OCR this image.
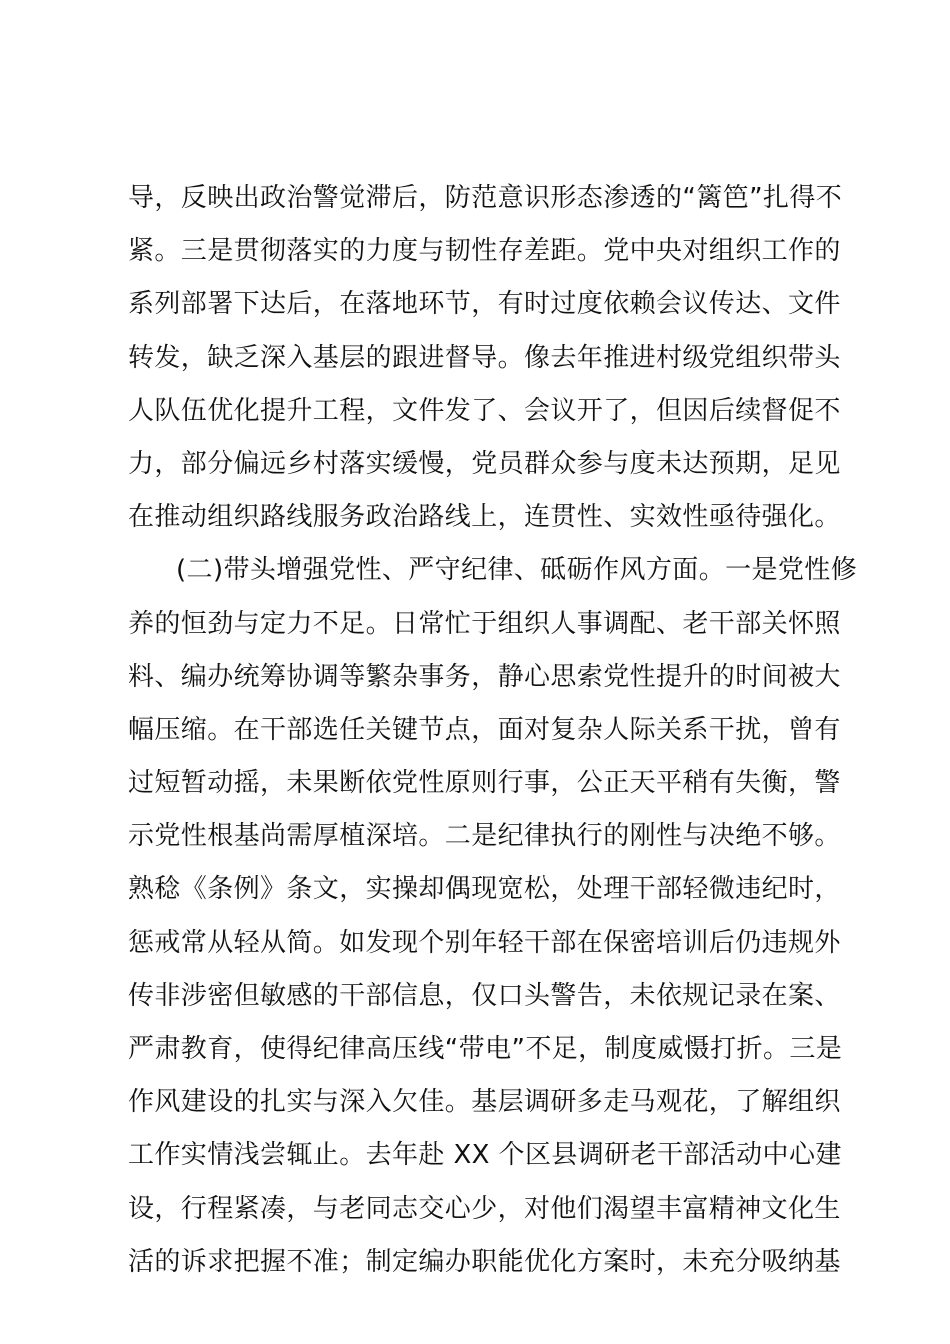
导，反映出政治警觉滞后，防范意识形态渗透的“篱笆”扎得不
紧。三是贯彻落实的力度与韧性存差距。党中央对组织工作的
系列部署下达后，在落地环节，有时过度依赖会议传达、文件
转发，缺乏深入基层的跟进督导。像去年推进村级党组织带头
人队伍优化提升工程，文件发了、会议开了，但因后续督促不
力，部分偏远乡村落实缓慢，党员群众参与度未达预期，足见
在推动组织路线服务政治路线上，连贯性、实效性亟待强化。
(二)带头增强党性、严守纪律、砥砺作风方面。一是党性修
养的恒劲与定力不足。日常忙于组织人事调配、老干部关怀照
料、编办统筹协调等繁杂事务，静心思索党性提升的时间被大
幅压缩。在干部选任关键节点，面对复杂人际关系干扰，曾有
过短暂动摇，未果断依党性原则行事，公正天平稍有失衡，警
示党性根基尚需厚植深培。二是纪律执行的刚性与决绝不够。
熟稔《条例》条文，实操却偶现宽松，处理干部轻微违纪时，
惩戒常从轻从简。如发现个别年轻干部在保密培训后仍违规外
传非涉密但敏感的干部信息，仅口头警告，未依规记录在案、
严肃教育，使得纪律高压线“带电”不足，制度威慑打折。三是
作风建设的扎实与深入欠佳。基层调研多走马观花，了解组织
工作实情浅尝辄止。去年赴 XX 个区县调研老干部活动中心建
设，行程紧凑，与老同志交心少，对他们渴望丰富精神文化生
活的诉求把握不准；制定编办职能优化方案时，未充分吸纳基
